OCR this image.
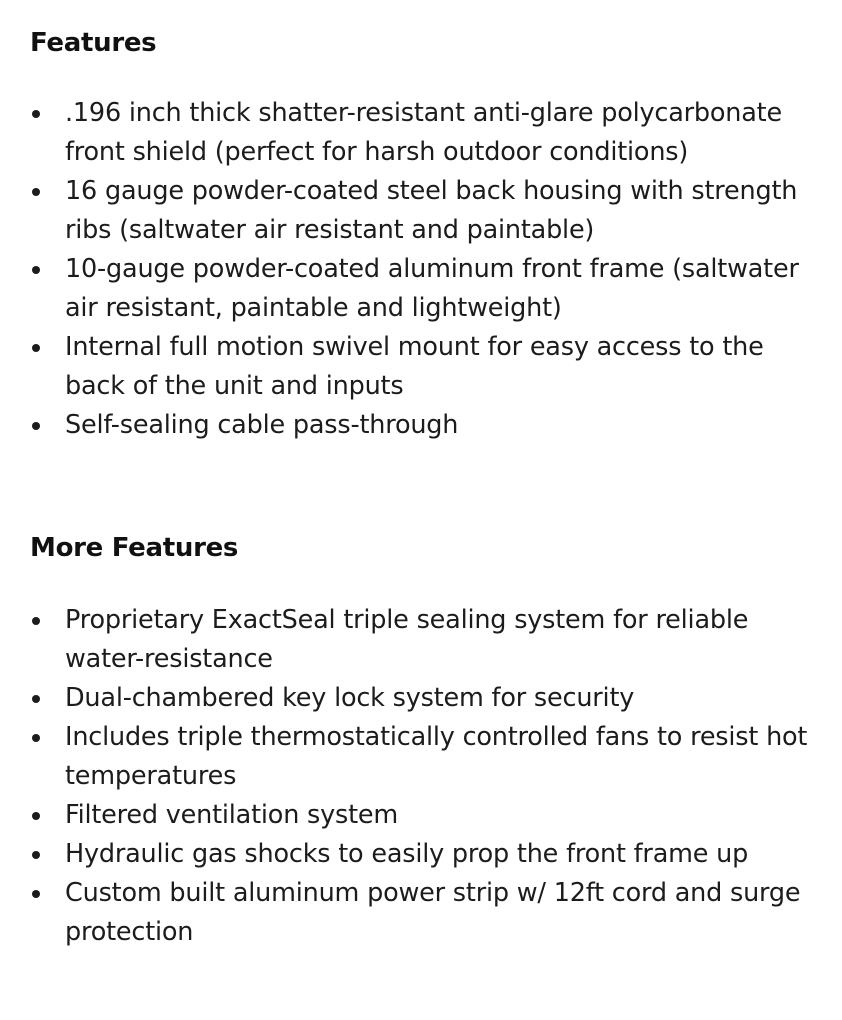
Features
.196 inch thick shatter-resistant anti-glare polycarbonate front shield (perfect for harsh outdoor conditions)
16 gauge powder-coated steel back housing with strength ribs (saltwater air resistant and paintable)
10-gauge powder-coated aluminum front frame (saltwater air resistant, paintable and lightweight)
Internal full motion swivel mount for easy access to the back of the unit and inputs
Self-sealing cable pass-through
More Features
Proprietary ExactSeal triple sealing system for reliable water-resistance
Dual-chambered key lock system for security
Includes triple thermostatically controlled fans to resist hot temperatures
Filtered ventilation system
Hydraulic gas shocks to easily prop the front frame up
Custom built aluminum power strip w/ 12ft cord and surge protection
